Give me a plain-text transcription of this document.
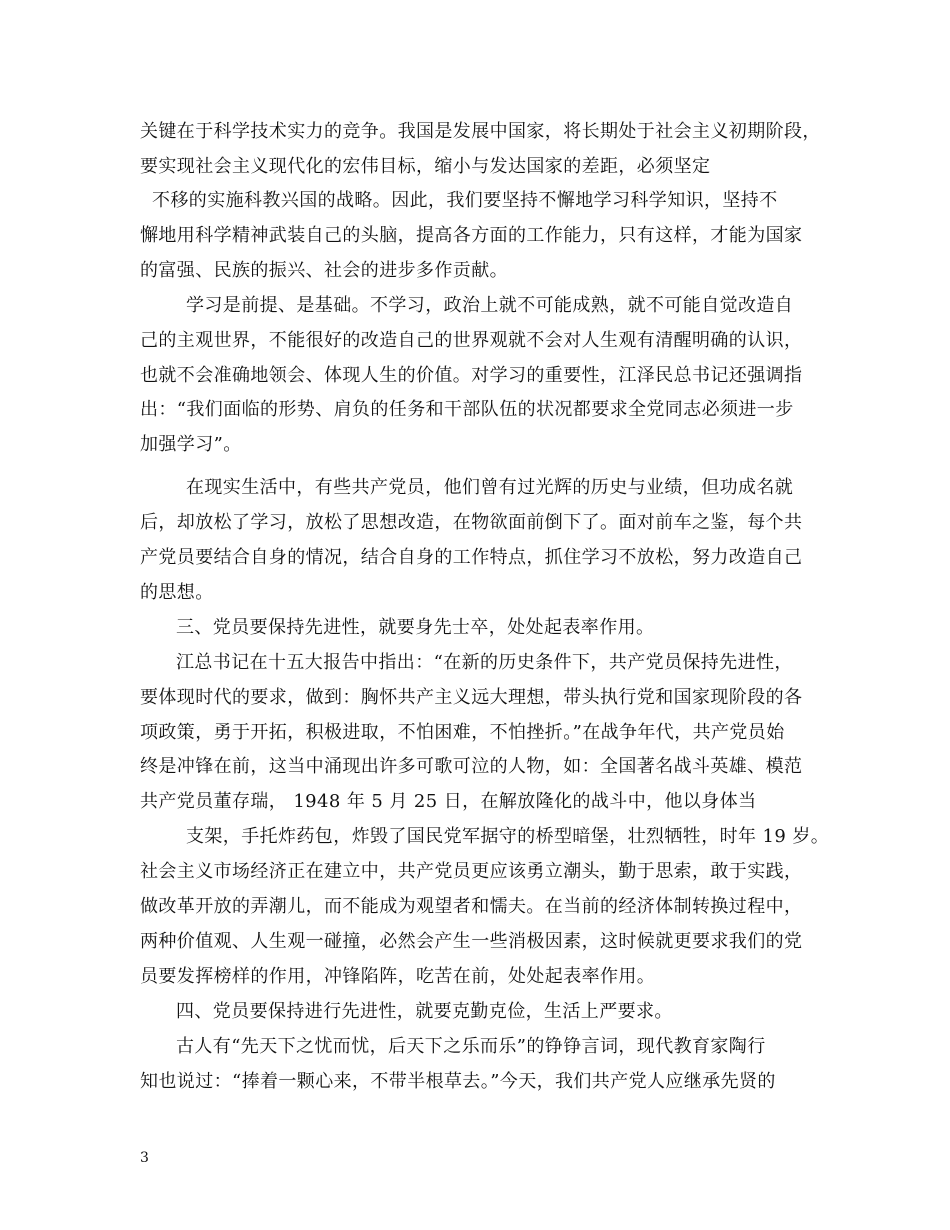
关键在于科学技术实力的竞争。我国是发展中国家，将长期处于社会主义初期阶段，
要实现社会主义现代化的宏伟目标，缩小与发达国家的差距，必须坚定
不移的实施科教兴国的战略。因此，我们要坚持不懈地学习科学知识，坚持不
懈地用科学精神武装自己的头脑，提高各方面的工作能力，只有这样，才能为国家
的富强、民族的振兴、社会的进步多作贡献。
学习是前提、是基础。不学习，政治上就不可能成熟，就不可能自觉改造自
己的主观世界，不能很好的改造自己的世界观就不会对人生观有清醒明确的认识，
也就不会准确地领会、体现人生的价值。对学习的重要性，江泽民总书记还强调指
出：“我们面临的形势、肩负的任务和干部队伍的状况都要求全党同志必须进一步
加强学习”。
在现实生活中，有些共产党员，他们曾有过光辉的历史与业绩，但功成名就
后，却放松了学习，放松了思想改造，在物欲面前倒下了。面对前车之鉴，每个共
产党员要结合自身的情况，结合自身的工作特点，抓住学习不放松，努力改造自己
的思想。
三、党员要保持先进性，就要身先士卒，处处起表率作用。
江总书记在十五大报告中指出：“在新的历史条件下，共产党员保持先进性，
要体现时代的要求，做到：胸怀共产主义远大理想，带头执行党和国家现阶段的各
项政策，勇于开拓，积极进取，不怕困难，不怕挫折。”在战争年代，共产党员始
终是冲锋在前，这当中涌现出许多可歌可泣的人物，如：全国著名战斗英雄、模范
共产党员董存瑞， 1948 年 5 月 25 日，在解放隆化的战斗中，他以身体当
支架，手托炸药包，炸毁了国民党军据守的桥型暗堡，壮烈牺牲，时年 19 岁。
社会主义市场经济正在建立中，共产党员更应该勇立潮头，勤于思索，敢于实践，
做改革开放的弄潮儿，而不能成为观望者和懦夫。在当前的经济体制转换过程中，
两种价值观、人生观一碰撞，必然会产生一些消极因素，这时候就更要求我们的党
员要发挥榜样的作用，冲锋陷阵，吃苦在前，处处起表率作用。
四、党员要保持进行先进性，就要克勤克俭，生活上严要求。
古人有“先天下之忧而忧，后天下之乐而乐”的铮铮言词，现代教育家陶行
知也说过：“捧着一颗心来，不带半根草去。”今天，我们共产党人应继承先贤的
3
